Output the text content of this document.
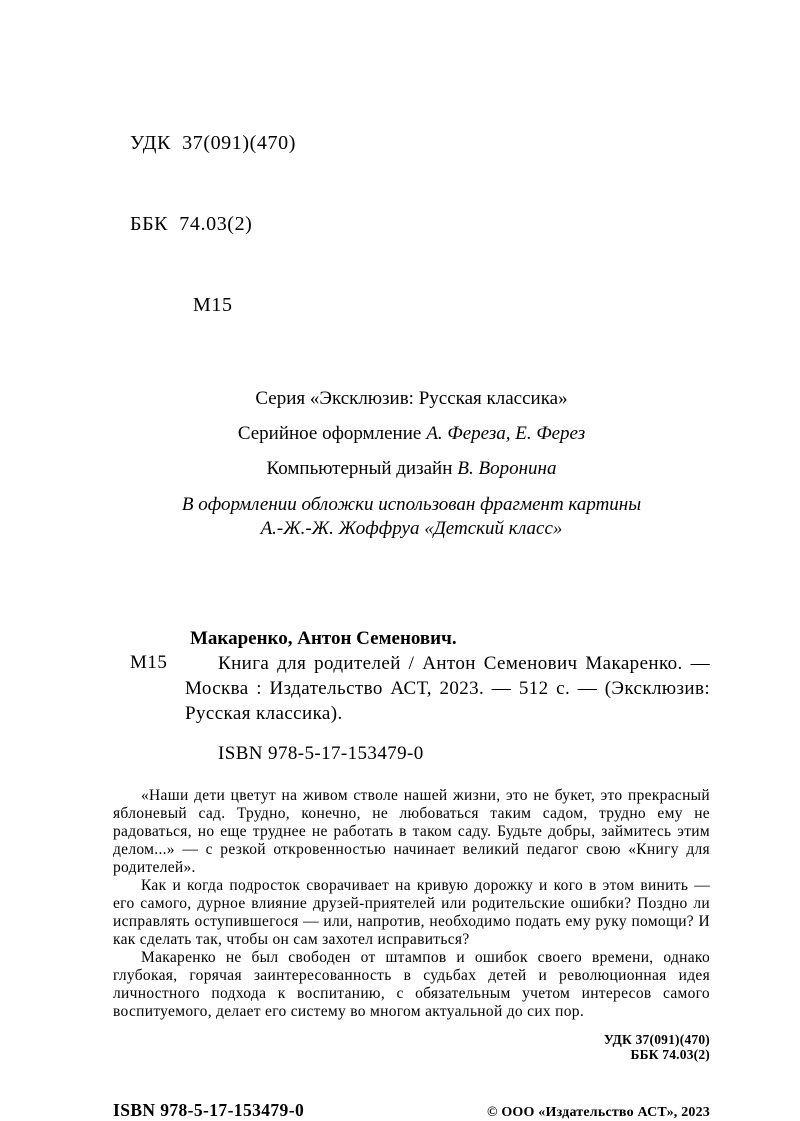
УДК  37(091)(470)

ББК  74.03(2)

М15

Серия «Эксклюзив: Русская классика»
Серийное оформление А. Фереза, Е. Ферез
Компьютерный дизайн В. Воронина
В оформлении обложки использован фрагмент картины
А.-Ж.-Ж. Жоффруа «Детский класс»
Макаренко, Антон Семенович.
М15	Книга для родителей / Антон Семенович Макаренко. — Москва : Издательство АСТ, 2023. — 512 с. — (Эксклюзив: Русская классика).

ISBN 978-5-17-153479-0

«Наши дети цветут на живом стволе нашей жизни, это не букет, это прекрасный яблоневый сад. Трудно, конечно, не любоваться таким садом, трудно ему не радоваться, но еще труднее не работать в таком саду. Будьте добры, займитесь этим делом...» — с резкой откровенностью начинает великий педагог свою «Книгу для родителей».

Как и когда подросток сворачивает на кривую дорожку и кого в этом винить — его самого, дурное влияние друзей-приятелей или родительские ошибки? Поздно ли исправлять оступившегося — или, напротив, необходимо подать ему руку помощи? И как сделать так, чтобы он сам захотел исправиться?

Макаренко не был свободен от штампов и ошибок своего времени, однако глубокая, горячая заинтересованность в судьбах детей и революционная идея личностного подхода к воспитанию, с обязательным учетом интересов самого воспитуемого, делает его систему во многом актуальной до сих пор.

УДК 37(091)(470)
ББК 74.03(2)
ISBN 978-5-17-153479-0	© ООО «Издательство АСТ», 2023
